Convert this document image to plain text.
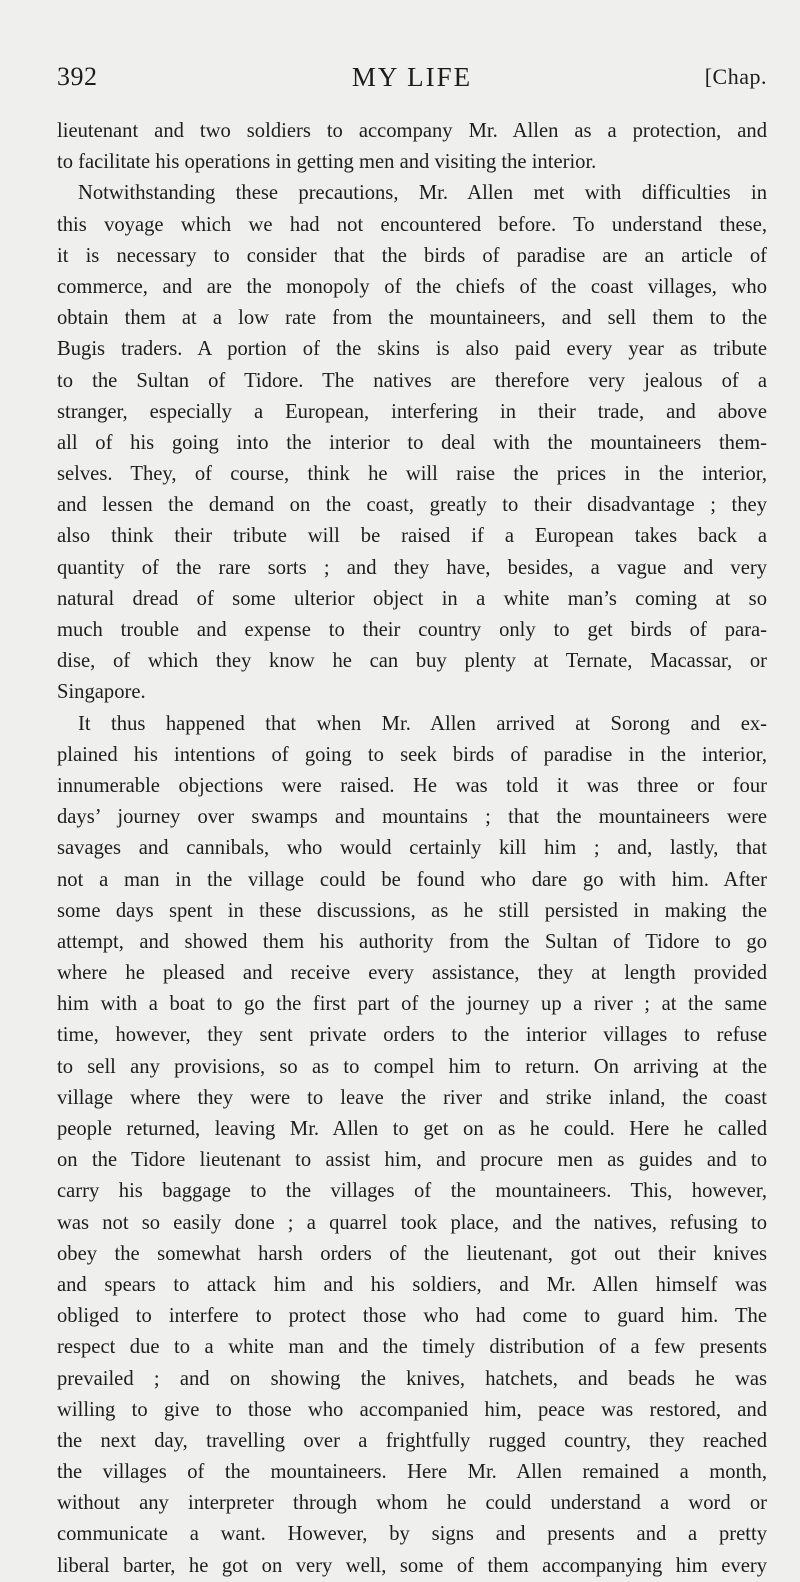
392	MY LIFE	[Chap.
lieutenant and two soldiers to accompany Mr. Allen as a protection, and
to facilitate his operations in getting men and visiting the interior.
Notwithstanding these precautions, Mr. Allen met with difficulties in
this voyage which we had not encountered before. To understand these,
it is necessary to consider that the birds of paradise are an article of
commerce, and are the monopoly of the chiefs of the coast villages, who
obtain them at a low rate from the mountaineers, and sell them to the
Bugis traders. A portion of the skins is also paid every year as tribute
to the Sultan of Tidore. The natives are therefore very jealous of a
stranger, especially a European, interfering in their trade, and above
all of his going into the interior to deal with the mountaineers them-
selves. They, of course, think he will raise the prices in the interior,
and lessen the demand on the coast, greatly to their disadvantage ; they
also think their tribute will be raised if a European takes back a
quantity of the rare sorts ; and they have, besides, a vague and very
natural dread of some ulterior object in a white man’s coming at so
much trouble and expense to their country only to get birds of para-
dise, of which they know he can buy plenty at Ternate, Macassar, or
Singapore.
It thus happened that when Mr. Allen arrived at Sorong and ex-
plained his intentions of going to seek birds of paradise in the interior,
innumerable objections were raised. He was told it was three or four
days’ journey over swamps and mountains ; that the mountaineers were
savages and cannibals, who would certainly kill him ; and, lastly, that
not a man in the village could be found who dare go with him. After
some days spent in these discussions, as he still persisted in making the
attempt, and showed them his authority from the Sultan of Tidore to go
where he pleased and receive every assistance, they at length provided
him with a boat to go the first part of the journey up a river ; at the same
time, however, they sent private orders to the interior villages to refuse
to sell any provisions, so as to compel him to return. On arriving at the
village where they were to leave the river and strike inland, the coast
people returned, leaving Mr. Allen to get on as he could. Here he called
on the Tidore lieutenant to assist him, and procure men as guides and to
carry his baggage to the villages of the mountaineers. This, however,
was not so easily done ; a quarrel took place, and the natives, refusing to
obey the somewhat harsh orders of the lieutenant, got out their knives
and spears to attack him and his soldiers, and Mr. Allen himself was
obliged to interfere to protect those who had come to guard him. The
respect due to a white man and the timely distribution of a few presents
prevailed ; and on showing the knives, hatchets, and beads he was
willing to give to those who accompanied him, peace was restored, and
the next day, travelling over a frightfully rugged country, they reached
the villages of the mountaineers. Here Mr. Allen remained a month,
without any interpreter through whom he could understand a word or
communicate a want. However, by signs and presents and a pretty
liberal barter, he got on very well, some of them accompanying him every
